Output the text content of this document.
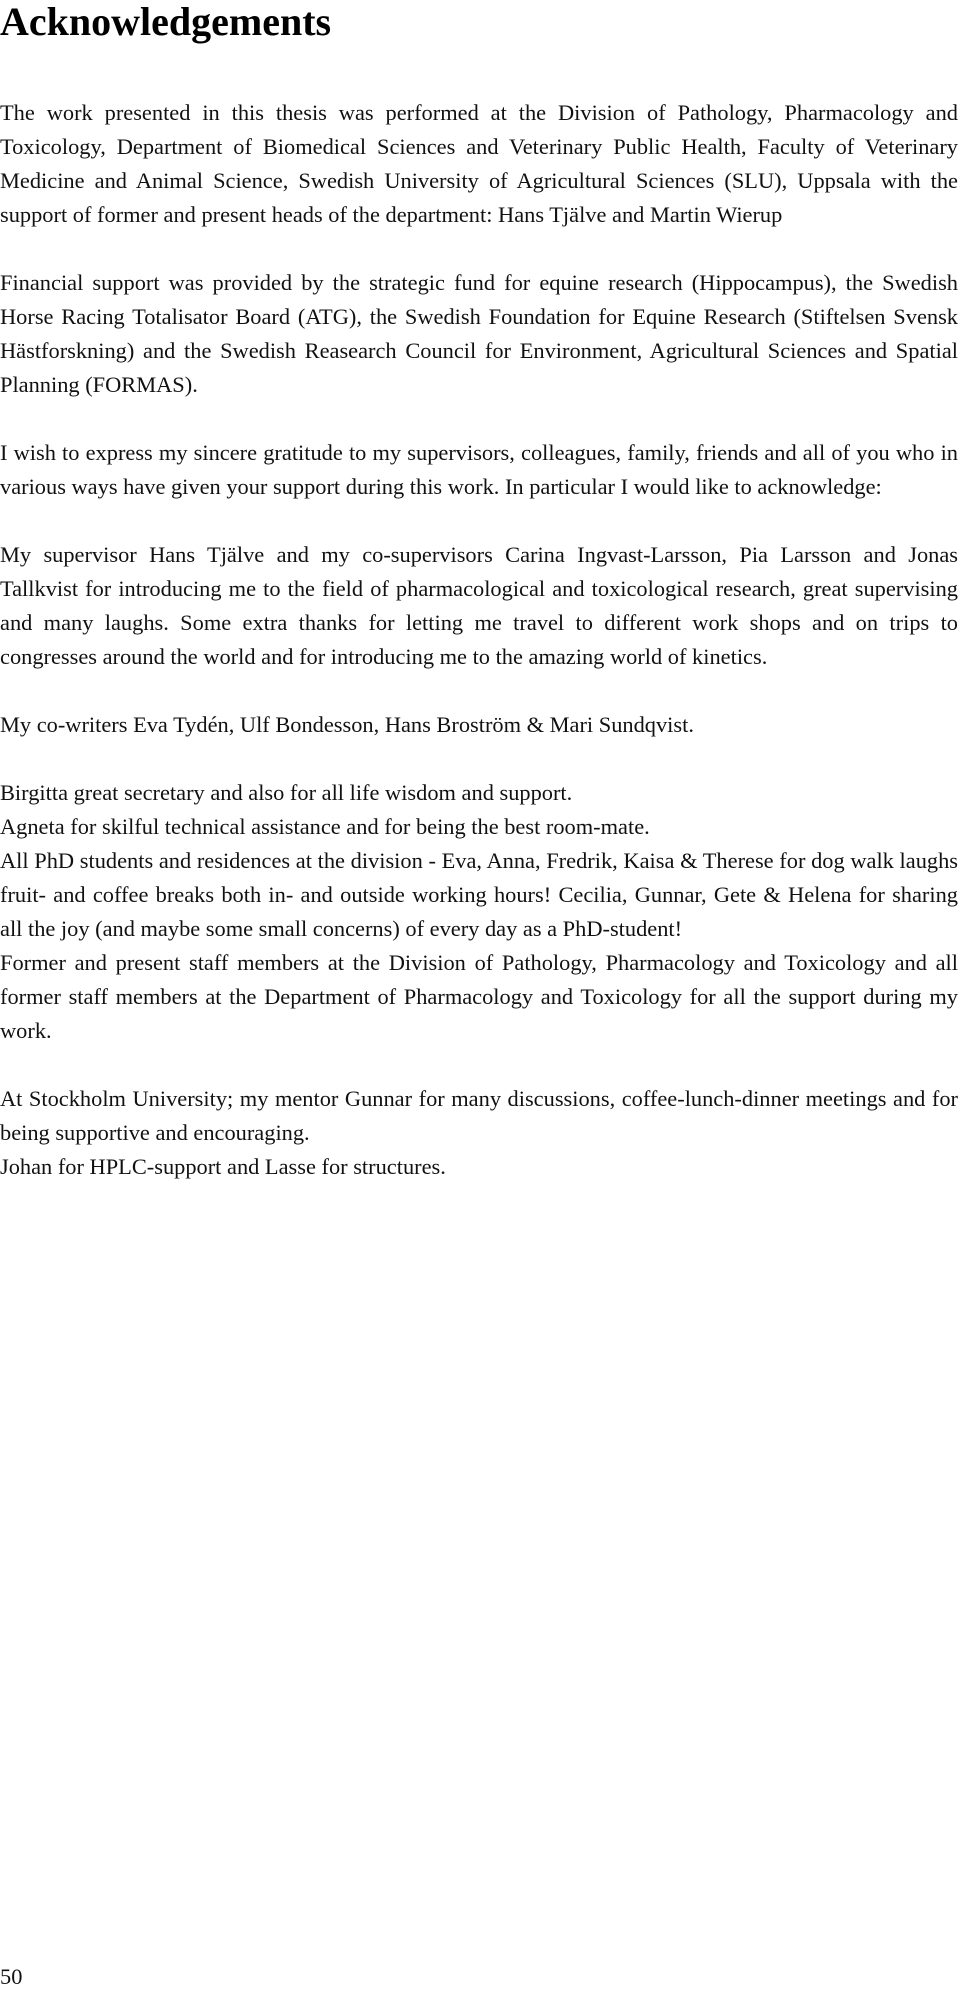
Acknowledgements

The work presented in this thesis was performed at the Division of Pathology, Pharmacology and Toxicology, Department of Biomedical Sciences and Veterinary Public Health, Faculty of Veterinary Medicine and Animal Science, Swedish University of Agricultural Sciences (SLU), Uppsala with the support of former and present heads of the department: Hans Tjälve and Martin Wierup

Financial support was provided by the strategic fund for equine research (Hippocampus), the Swedish Horse Racing Totalisator Board (ATG), the Swedish Foundation for Equine Research (Stiftelsen Svensk Hästforskning) and the Swedish Reasearch Council for Environment, Agricultural Sciences and Spatial Planning (FORMAS).

I wish to express my sincere gratitude to my supervisors, colleagues, family, friends and all of you who in various ways have given your support during this work. In particular I would like to acknowledge:

My supervisor Hans Tjälve and my co-supervisors Carina Ingvast-Larsson, Pia Larsson and Jonas Tallkvist for introducing me to the field of pharmacological and toxicological research, great supervising and many laughs. Some extra thanks for letting me travel to different work shops and on trips to congresses around the world and for introducing me to the amazing world of kinetics.

My co-writers Eva Tydén, Ulf Bondesson, Hans Broström & Mari Sundqvist.

Birgitta great secretary and also for all life wisdom and support.

Agneta for skilful technical assistance and for being the best room-mate.

All PhD students and residences at the division - Eva, Anna, Fredrik, Kaisa & Therese for dog walk laughs fruit- and coffee breaks both in- and outside working hours! Cecilia, Gunnar, Gete & Helena for sharing all the joy (and maybe some small concerns) of every day as a PhD-student!

Former and present staff members at the Division of Pathology, Pharmacology and Toxicology and all former staff members at the Department of Pharmacology and Toxicology for all the support during my work.

At Stockholm University; my mentor Gunnar for many discussions, coffee-lunch-dinner meetings and for being supportive and encouraging.

Johan for HPLC-support and Lasse for structures.

50
